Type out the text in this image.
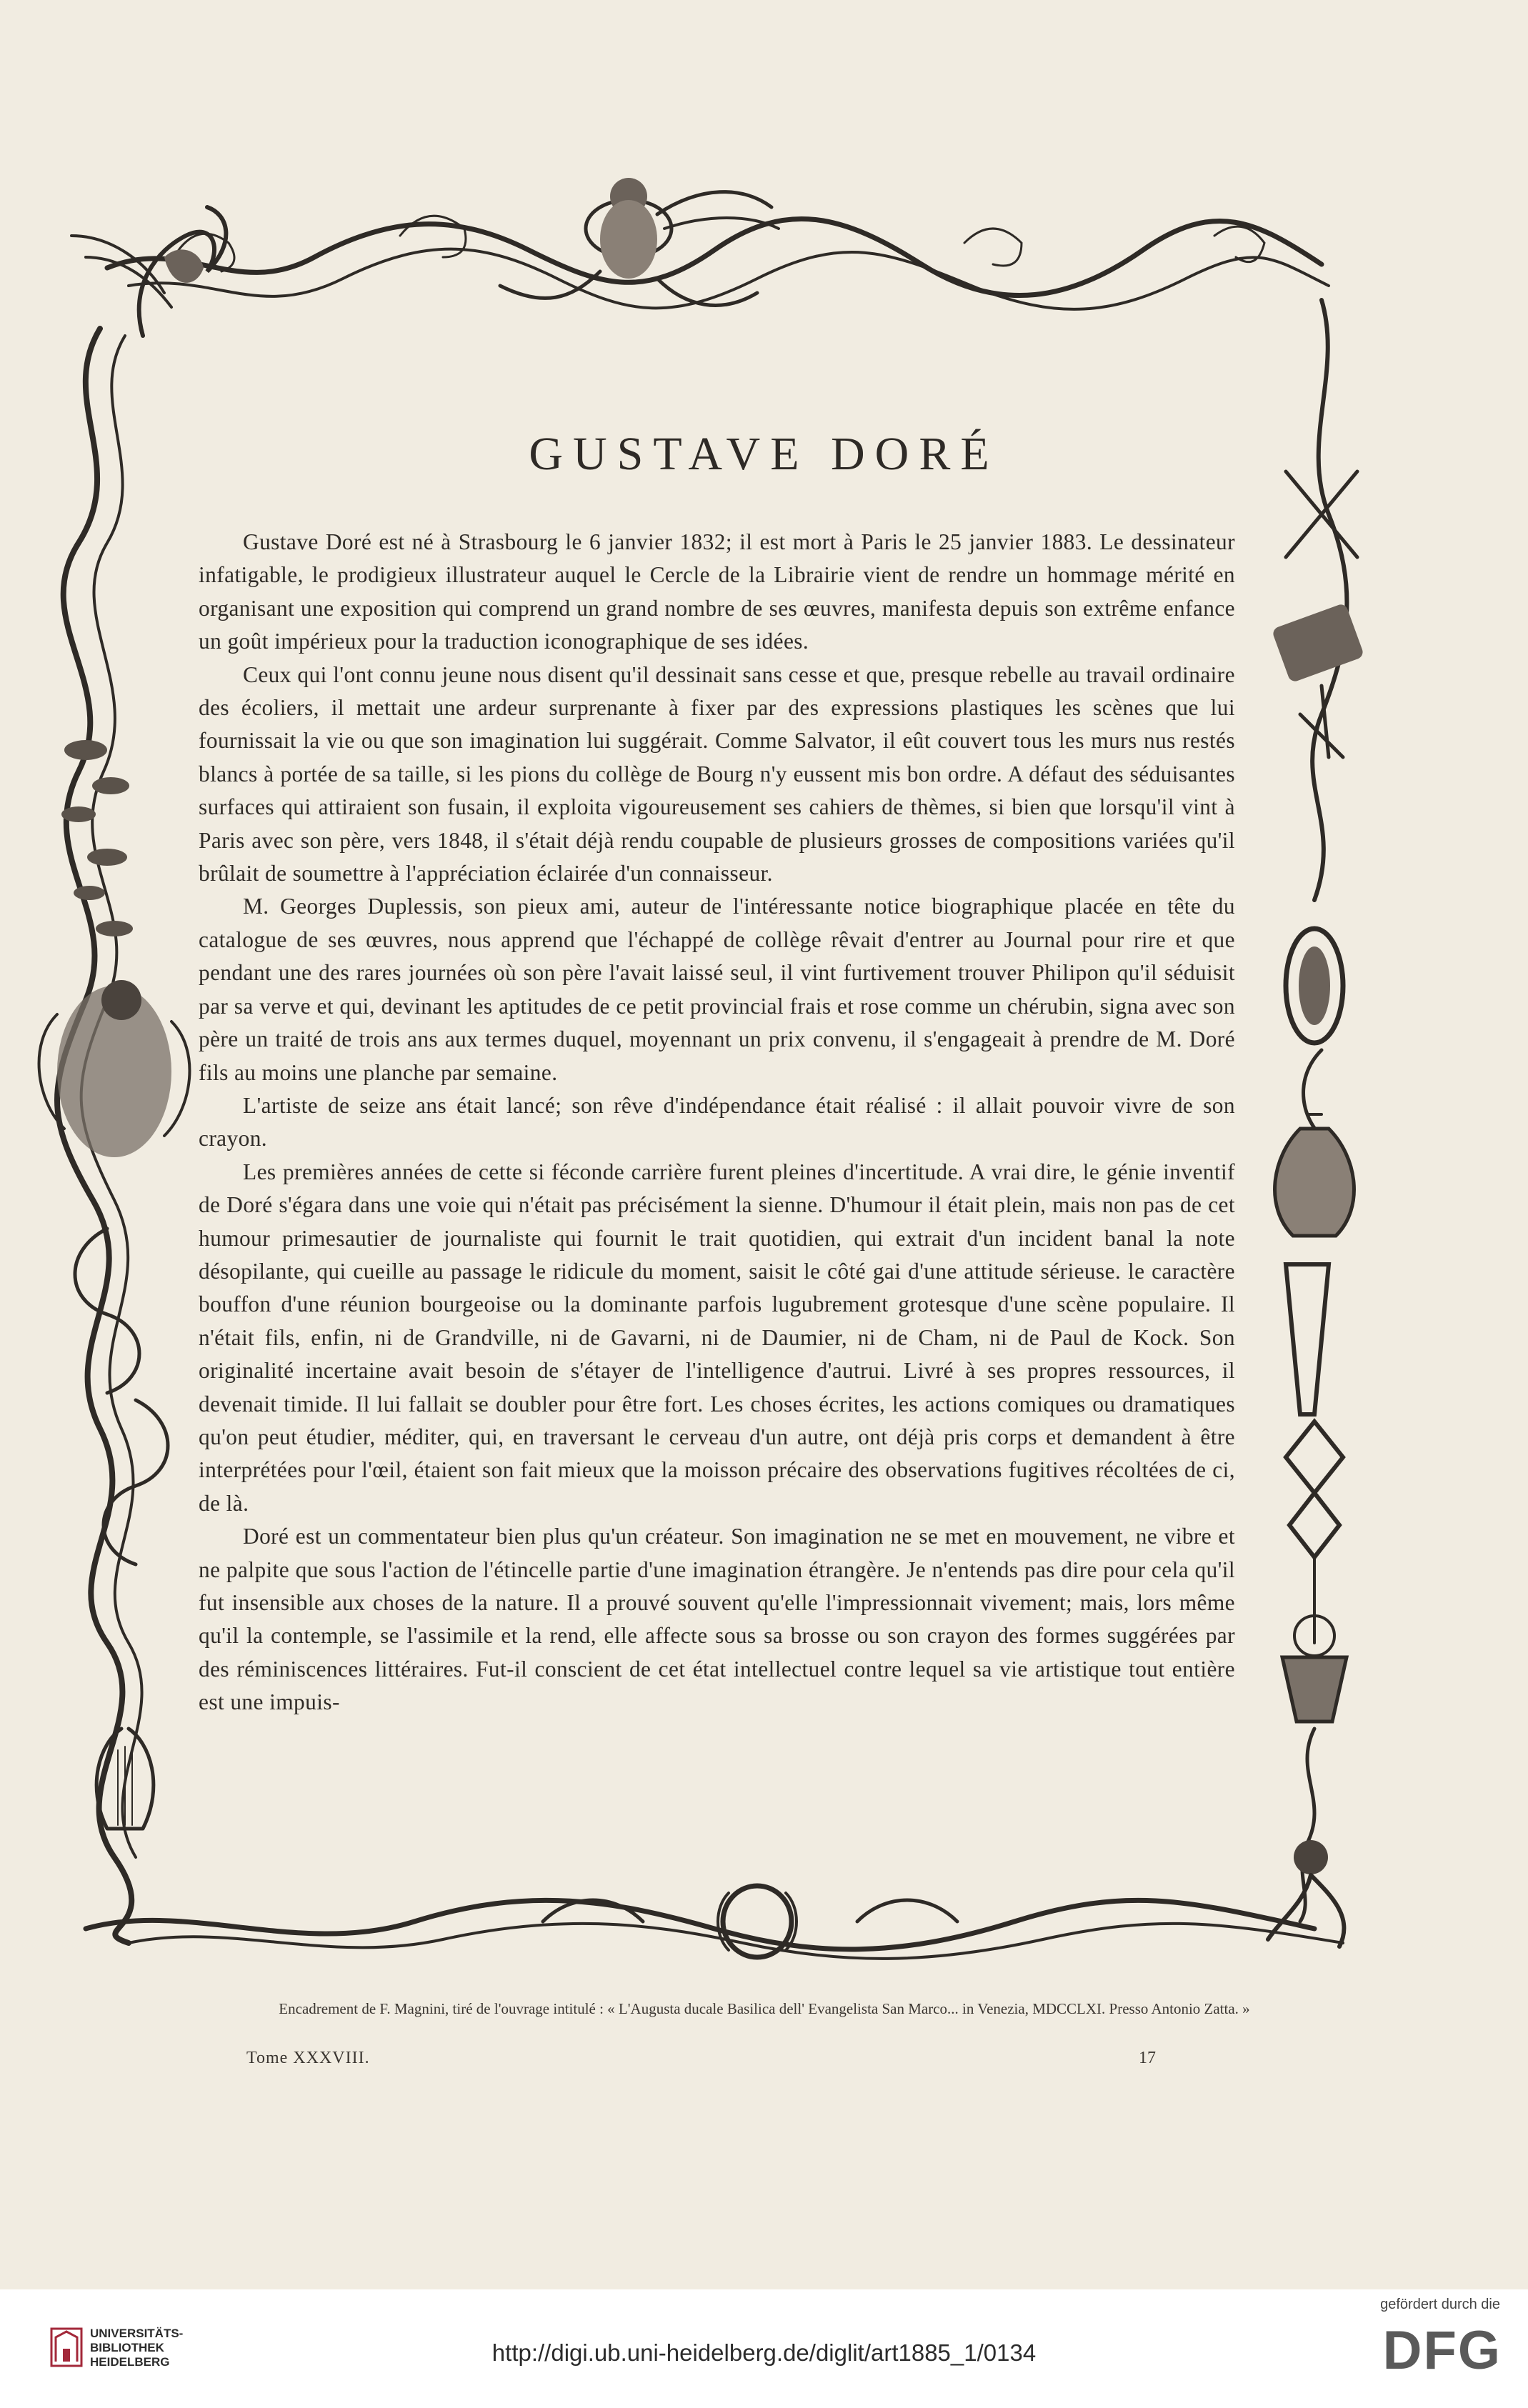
GUSTAVE DORÉ

Gustave Doré est né à Strasbourg le 6 janvier 1832; il est mort à Paris le 25 janvier 1883. Le dessinateur infatigable, le prodigieux illustrateur auquel le Cercle de la Librairie vient de rendre un hommage mérité en organisant une exposition qui comprend un grand nombre de ses œuvres, manifesta depuis son extrême enfance un goût impérieux pour la traduction iconographique de ses idées.

Ceux qui l'ont connu jeune nous disent qu'il dessinait sans cesse et que, presque rebelle au travail ordinaire des écoliers, il mettait une ardeur surprenante à fixer par des expressions plastiques les scènes que lui fournissait la vie ou que son imagination lui suggérait. Comme Salvator, il eût couvert tous les murs nus restés blancs à portée de sa taille, si les pions du collège de Bourg n'y eussent mis bon ordre. A défaut des séduisantes surfaces qui attiraient son fusain, il exploita vigoureusement ses cahiers de thèmes, si bien que lorsqu'il vint à Paris avec son père, vers 1848, il s'était déjà rendu coupable de plusieurs grosses de compositions variées qu'il brûlait de soumettre à l'appréciation éclairée d'un connaisseur.

M. Georges Duplessis, son pieux ami, auteur de l'intéressante notice biographique placée en tête du catalogue de ses œuvres, nous apprend que l'échappé de collège rêvait d'entrer au Journal pour rire et que pendant une des rares journées où son père l'avait laissé seul, il vint furtivement trouver Philipon qu'il séduisit par sa verve et qui, devinant les aptitudes de ce petit provincial frais et rose comme un chérubin, signa avec son père un traité de trois ans aux termes duquel, moyennant un prix convenu, il s'engageait à prendre de M. Doré fils au moins une planche par semaine.

L'artiste de seize ans était lancé; son rêve d'indépendance était réalisé : il allait pouvoir vivre de son crayon.

Les premières années de cette si féconde carrière furent pleines d'incertitude. A vrai dire, le génie inventif de Doré s'égara dans une voie qui n'était pas précisément la sienne. D'humour il était plein, mais non pas de cet humour primesautier de journaliste qui fournit le trait quotidien, qui extrait d'un incident banal la note désopilante, qui cueille au passage le ridicule du moment, saisit le côté gai d'une attitude sérieuse. le caractère bouffon d'une réunion bourgeoise ou la dominante parfois lugubrement grotesque d'une scène populaire. Il n'était fils, enfin, ni de Grandville, ni de Gavarni, ni de Daumier, ni de Cham, ni de Paul de Kock. Son originalité incertaine avait besoin de s'étayer de l'intelligence d'autrui. Livré à ses propres ressources, il devenait timide. Il lui fallait se doubler pour être fort. Les choses écrites, les actions comiques ou dramatiques qu'on peut étudier, méditer, qui, en traversant le cerveau d'un autre, ont déjà pris corps et demandent à être interprétées pour l'œil, étaient son fait mieux que la moisson précaire des observations fugitives récoltées de ci, de là.

Doré est un commentateur bien plus qu'un créateur. Son imagination ne se met en mouvement, ne vibre et ne palpite que sous l'action de l'étincelle partie d'une imagination étrangère. Je n'entends pas dire pour cela qu'il fut insensible aux choses de la nature. Il a prouvé souvent qu'elle l'impressionnait vivement; mais, lors même qu'il la contemple, se l'assimile et la rend, elle affecte sous sa brosse ou son crayon des formes suggérées par des réminiscences littéraires. Fut-il conscient de cet état intellectuel contre lequel sa vie artistique tout entière est une impuis-

Encadrement de F. Magnini, tiré de l'ouvrage intitulé : « L'Augusta ducale Basilica dell' Evangelista San Marco... in Venezia, MDCCLXI. Presso Antonio Zatta. »
Tome XXXVIII.	17
UNIVERSITÄTS-
BIBLIOTHEK
HEIDELBERG	http://digi.ub.uni-heidelberg.de/diglit/art1885_1/0134
gefördert durch die
DFG
